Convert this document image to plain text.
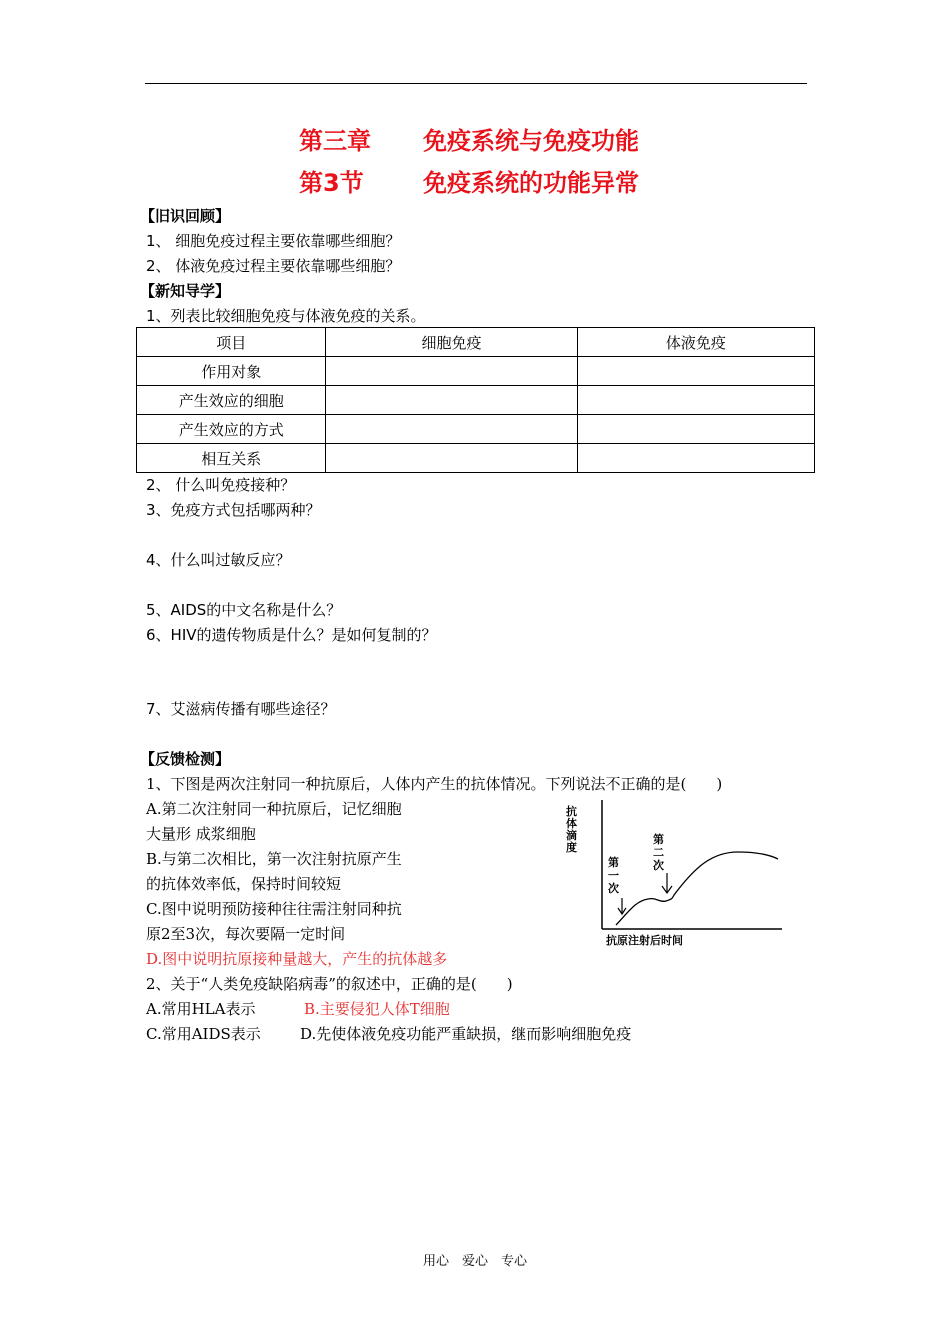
第三章 免疫系统与免疫功能
第3节 免疫系统的功能异常
【旧识回顾】
1、 细胞免疫过程主要依靠哪些细胞？
2、 体液免疫过程主要依靠哪些细胞？
【新知导学】
1、列表比较细胞免疫与体液免疫的关系。
项目	细胞免疫	体液免疫
作用对象		
产生效应的细胞		
产生效应的方式		
相互关系		
2、 什么叫免疫接种？
3、免疫方式包括哪两种？
4、什么叫过敏反应？
5、AIDS的中文名称是什么？
6、HIV的遗传物质是什么？是如何复制的？
7、艾滋病传播有哪些途径？
【反馈检测】
1、下图是两次注射同一种抗原后，人体内产生的抗体情况。下列说法不正确的是(　　)
A.第二次注射同一种抗原后，记忆细胞
大量形 成浆细胞
B.与第二次相比，第一次注射抗原产生
的抗体效率低，保持时间较短
C.图中说明预防接种往往需注射同种抗
原2至3次，每次要隔一定时间
D.图中说明抗原接种量越大，产生的抗体越多
2、关于“人类免疫缺陷病毒”的叙述中，正确的是(　　)
A.常用HLA表示	B.主要侵犯人体T细胞
C.常用AIDS表示	D.先使体液免疫功能严重缺损，继而影响细胞免疫
抗
体
滴
度
第
一
次
第
二
次
抗原注射后时间
用心　爱心　专心
